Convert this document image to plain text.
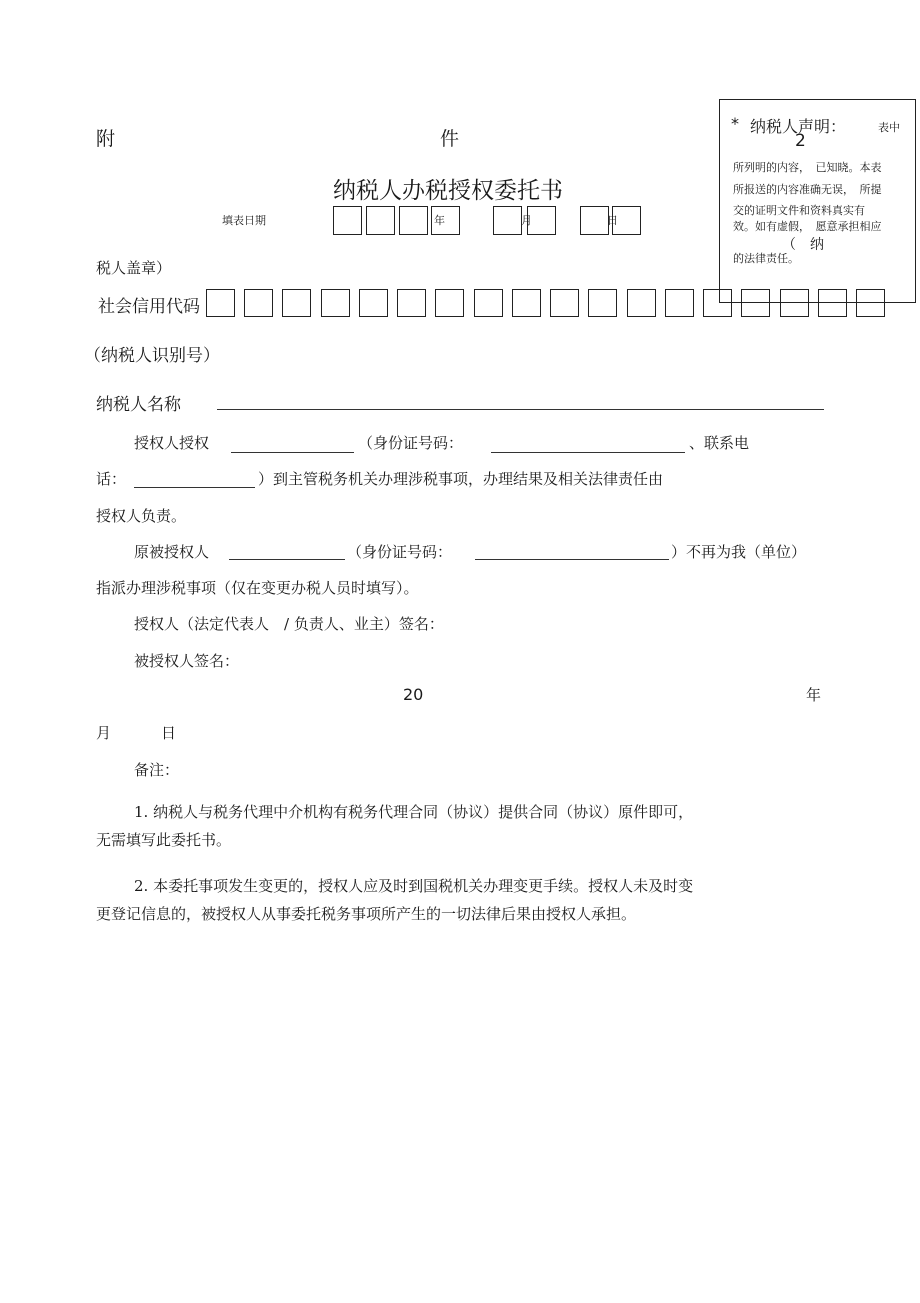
附	件
纳税人办税授权委托书
填表日期	年	月	日
* 纳税人声明：	表中
2
所列明的内容，　已知晓。本表
所报送的内容准确无误，　所提
交的证明文件和资料真实有
效。如有虚假，　愿意承担相应
（　纳
的法律责任。
税人盖章）
社会信用代码
（纳税人识别号）
纳税人名称
授权人授权	（身份证号码：	、联系电
话：	）到主管税务机关办理涉税事项，办理结果及相关法律责任由
授权人负责。
原被授权人	（身份证号码：	）不再为我（单位）
指派办理涉税事项（仅在变更办税人员时填写）。
授权人（法定代表人　/ 负责人、业主）签名：
被授权人签名：
20	年
月	日
备注：
1. 纳税人与税务代理中介机构有税务代理合同（协议）提供合同（协议）原件即可，
无需填写此委托书。
2. 本委托事项发生变更的，授权人应及时到国税机关办理变更手续。授权人未及时变
更登记信息的，被授权人从事委托税务事项所产生的一切法律后果由授权人承担。
